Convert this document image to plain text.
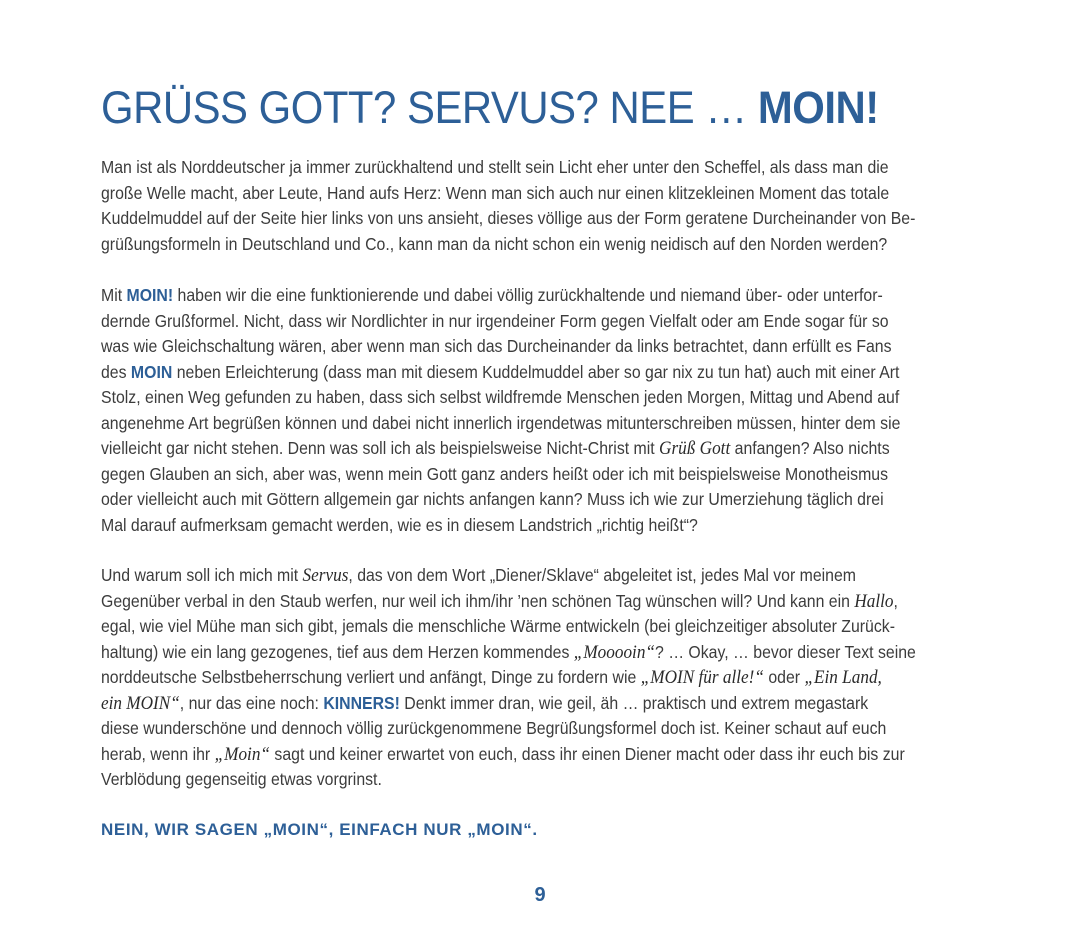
GRÜSS GOTT? SERVUS? NEE … MOIN!
Man ist als Norddeutscher ja immer zurückhaltend und stellt sein Licht eher unter den Scheffel, als dass man die
große Welle macht, aber Leute, Hand aufs Herz: Wenn man sich auch nur einen klitzekleinen Moment das totale
Kuddelmuddel auf der Seite hier links von uns ansieht, dieses völlige aus der Form geratene Durcheinander von Be-
grüßungsformeln in Deutschland und Co., kann man da nicht schon ein wenig neidisch auf den Norden werden?
Mit MOIN! haben wir die eine funktionierende und dabei völlig zurückhaltende und niemand über- oder unterfor-
dernde Grußformel. Nicht, dass wir Nordlichter in nur irgendeiner Form gegen Vielfalt oder am Ende sogar für so
was wie Gleichschaltung wären, aber wenn man sich das Durcheinander da links betrachtet, dann erfüllt es Fans
des MOIN neben Erleichterung (dass man mit diesem Kuddelmuddel aber so gar nix zu tun hat) auch mit einer Art
Stolz, einen Weg gefunden zu haben, dass sich selbst wildfremde Menschen jeden Morgen, Mittag und Abend auf
angenehme Art begrüßen können und dabei nicht innerlich irgendetwas mitunterschreiben müssen, hinter dem sie
vielleicht gar nicht stehen. Denn was soll ich als beispielsweise Nicht-Christ mit Grüß Gott anfangen? Also nichts
gegen Glauben an sich, aber was, wenn mein Gott ganz anders heißt oder ich mit beispielsweise Monotheismus
oder vielleicht auch mit Göttern allgemein gar nichts anfangen kann? Muss ich wie zur Umerziehung täglich drei
Mal darauf aufmerksam gemacht werden, wie es in diesem Landstrich „richtig heißt“?
Und warum soll ich mich mit Servus, das von dem Wort „Diener/Sklave“ abgeleitet ist, jedes Mal vor meinem
Gegenüber verbal in den Staub werfen, nur weil ich ihm/ihr ’nen schönen Tag wünschen will? Und kann ein Hallo,
egal, wie viel Mühe man sich gibt, jemals die menschliche Wärme entwickeln (bei gleichzeitiger absoluter Zurück-
haltung) wie ein lang gezogenes, tief aus dem Herzen kommendes „Mooooin“? … Okay, … bevor dieser Text seine
norddeutsche Selbstbeherrschung verliert und anfängt, Dinge zu fordern wie „MOIN für alle!“ oder „Ein Land,
ein MOIN“, nur das eine noch: KINNERS! Denkt immer dran, wie geil, äh … praktisch und extrem megastark
diese wunderschöne und dennoch völlig zurückgenommene Begrüßungsformel doch ist. Keiner schaut auf euch
herab, wenn ihr „Moin“ sagt und keiner erwartet von euch, dass ihr einen Diener macht oder dass ihr euch bis zur
Verblödung gegenseitig etwas vorgrinst.

NEIN, WIR SAGEN „MOIN“, EINFACH NUR „MOIN“.

9
